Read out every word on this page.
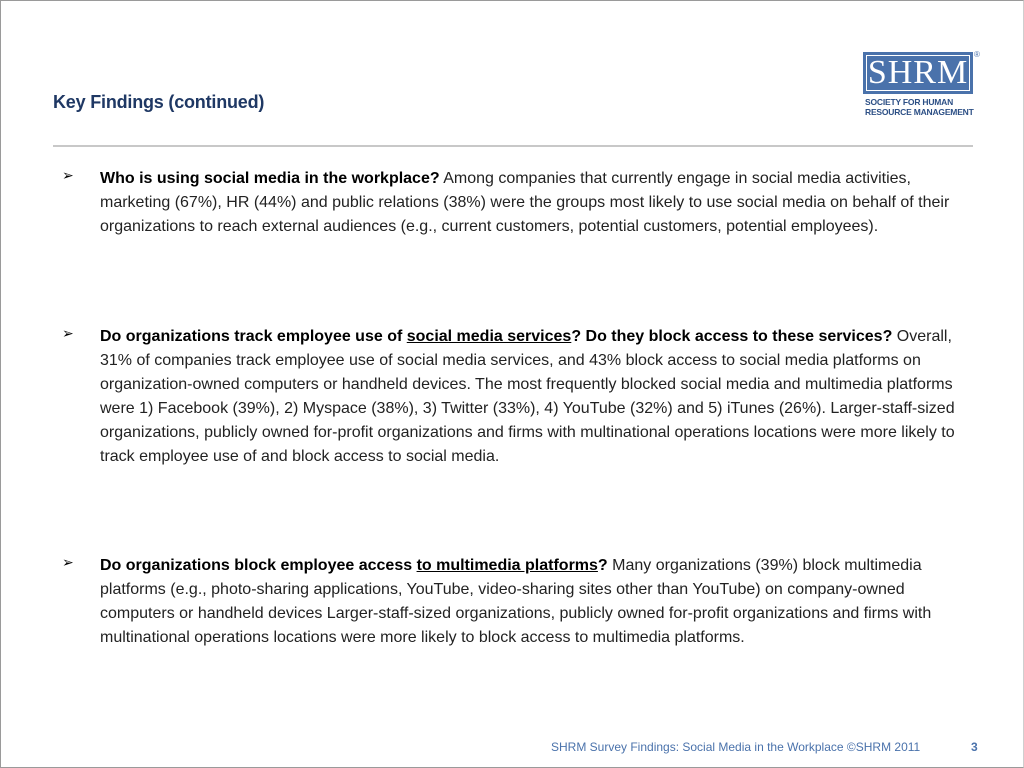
Key Findings (continued)
SHRM ®
SOCIETY FOR HUMAN
RESOURCE MANAGEMENT
➢ Who is using social media in the workplace? Among companies that currently engage in social media activities, marketing (67%), HR (44%) and public relations (38%) were the groups most likely to use social media on behalf of their organizations to reach external audiences (e.g., current customers, potential customers, potential employees).
➢ Do organizations track employee use of social media services? Do they block access to these services? Overall, 31% of companies track employee use of social media services, and 43% block access to social media platforms on organization-owned computers or handheld devices. The most frequently blocked social media and multimedia platforms were 1) Facebook (39%), 2) Myspace (38%), 3) Twitter (33%), 4) YouTube (32%) and 5) iTunes (26%). Larger-staff-sized organizations, publicly owned for-profit organizations and firms with multinational operations locations were more likely to track employee use of and block access to social media.
➢ Do organizations block employee access to multimedia platforms? Many organizations (39%) block multimedia platforms (e.g., photo-sharing applications, YouTube, video-sharing sites other than YouTube) on company-owned computers or handheld devices Larger-staff-sized organizations, publicly owned for-profit organizations and firms with multinational operations locations were more likely to block access to multimedia platforms.
SHRM Survey Findings: Social Media in the Workplace ©SHRM 2011	3
